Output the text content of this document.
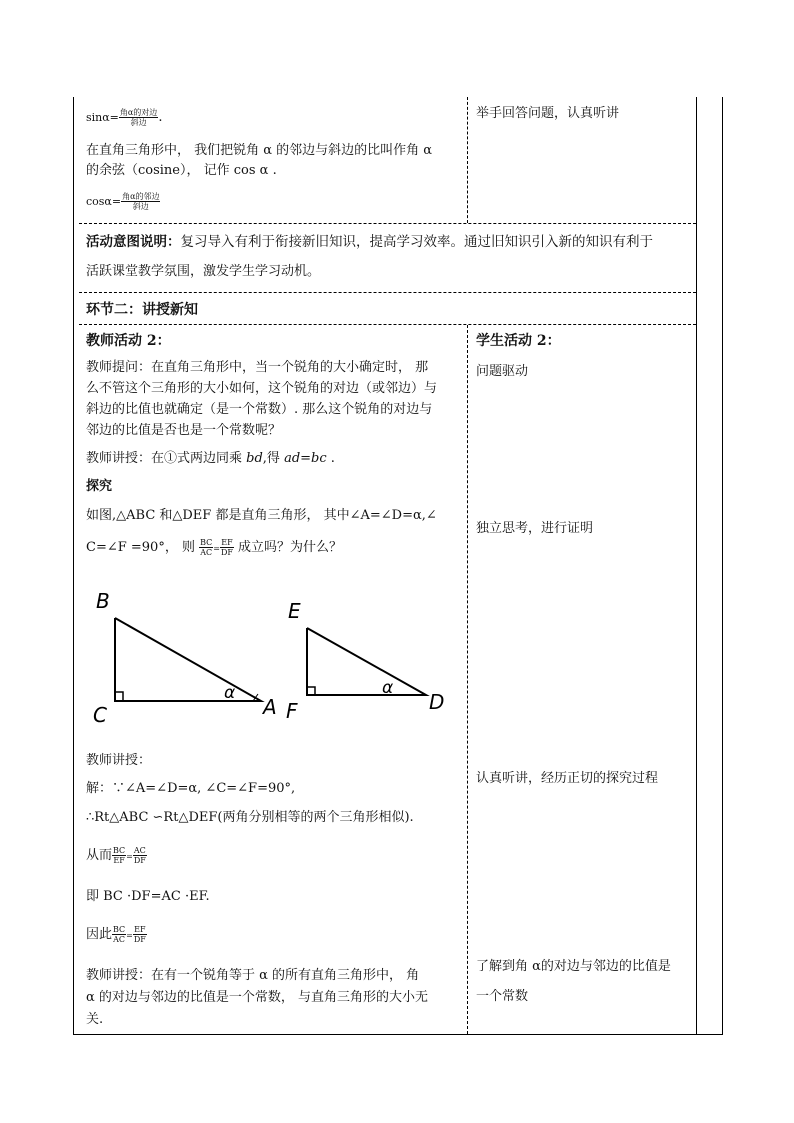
$\sin\alpha= \frac{\text{角α的对边}}{\text{斜边}}$ .
在直角三角形中， 我们把锐角 α 的邻边与斜边的比叫作角 α
的余弦（cosine）， 记作 cos α .
$\cos\alpha= \frac{\text{角α的邻边}}{\text{斜边}}$
举手回答问题，认真听讲
活动意图说明：复习导入有利于衔接新旧知识，提高学习效率。通过旧知识引入新的知识有利于
活跃课堂教学氛围，激发学生学习动机。
环节二：讲授新知
教师活动 2：
教师提问：在直角三角形中，当一个锐角的大小确定时， 那
么不管这个三角形的大小如何，这个锐角的对边（或邻边）与
斜边的比值也就确定（是一个常数）. 那么这个锐角的对边与
邻边的比值是否也是一个常数呢？
教师讲授：在①式两边同乘 bd,得 ad=bc .
探究
如图,△ABC 和△DEF 都是直角三角形， 其中∠A=∠D=α,∠
C=∠F =90°， 则 $\frac{BC}{AC} = \frac{EF}{DF}$ 成立吗？为什么？
B
C	A
α
E
F	D
α
教师讲授：
解：∵∠A=∠D=α, ∠C=∠F=90°,
∴Rt△ABC ∽Rt△DEF(两角分别相等的两个三角形相似).
从而 $\frac{BC}{EF} = \frac{AC}{DF}$
即 BC ·DF=AC ·EF.
因此 $\frac{BC}{AC} = \frac{EF}{DF}$
教师讲授：在有一个锐角等于 α 的所有直角三角形中， 角
α 的对边与邻边的比值是一个常数， 与直角三角形的大小无
关.
学生活动 2：
问题驱动
独立思考，进行证明
认真听讲，经历正切的探究过程
了解到角 α的对边与邻边的比值是
一个常数
